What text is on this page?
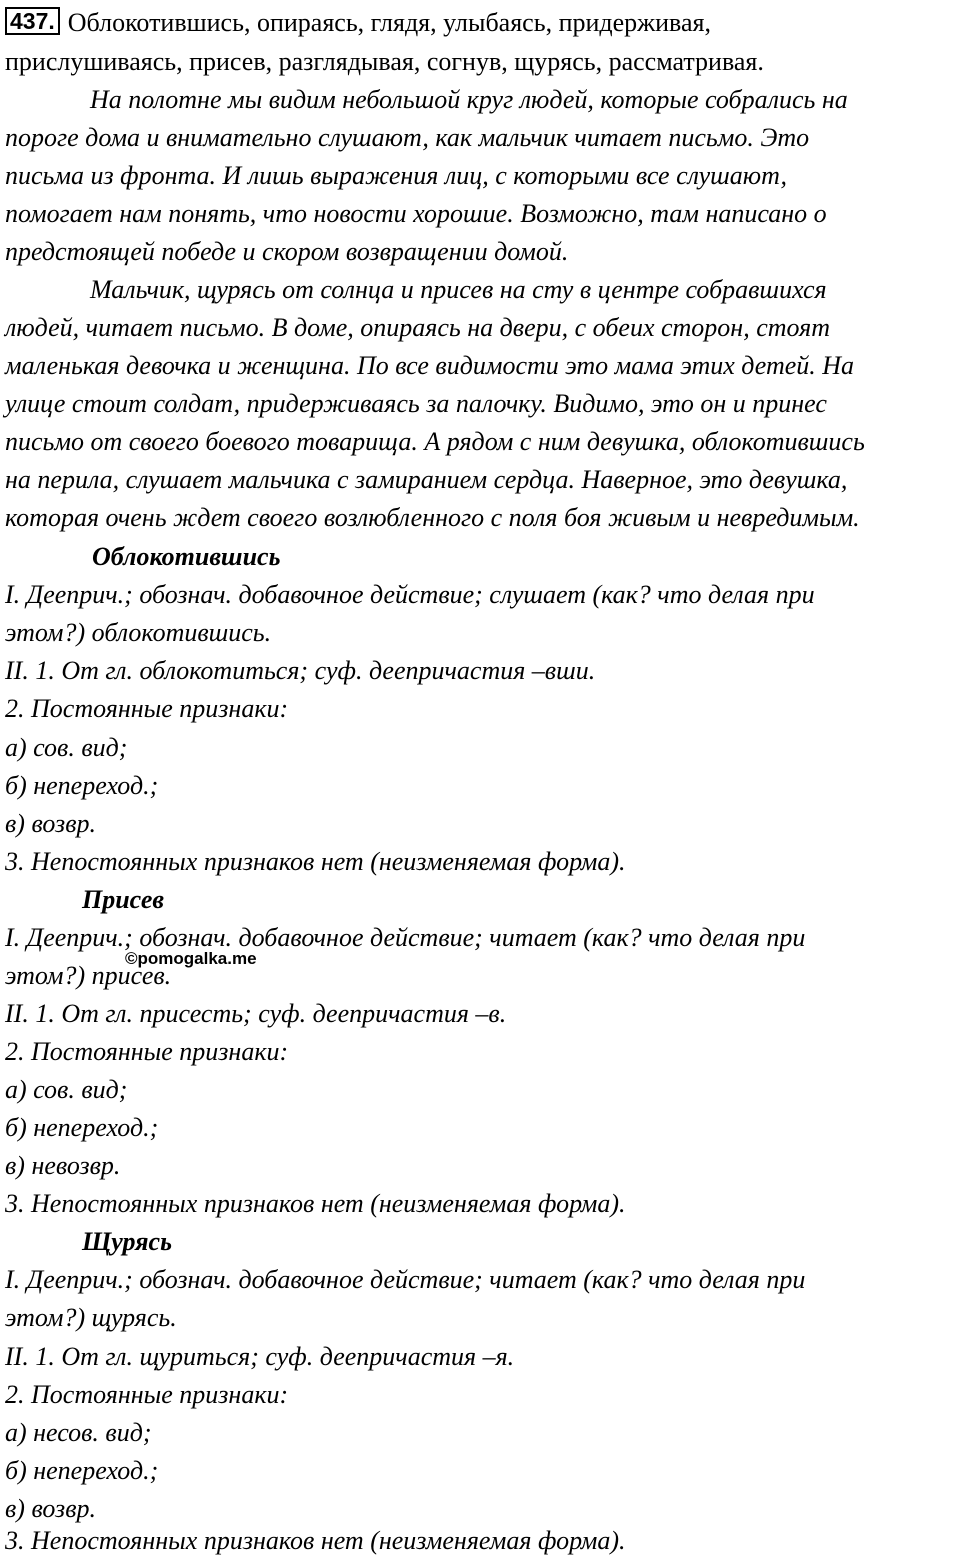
437. Облокотившись, опираясь, глядя, улыбаясь, придерживая,
прислушиваясь, присев, разглядывая, согнув, щурясь, рассматривая.
На полотне мы видим небольшой круг людей, которые собрались на
пороге дома и внимательно слушают, как мальчик читает письмо. Это
письма из фронта. И лишь выражения лиц, с которыми все слушают,
помогает нам понять, что новости хорошие. Возможно, там написано о
предстоящей победе и скором возвращении домой.
Мальчик, щурясь от солнца и присев на сту в центре собравшихся
людей, читает письмо. В доме, опираясь на двери, с обеих сторон, стоят
маленькая девочка и женщина. По все видимости это мама этих детей. На
улице стоит солдат, придерживаясь за палочку. Видимо, это он и принес
письмо от своего боевого товарища. А рядом с ним девушка, облокотившись
на перила, слушает мальчика с замиранием сердца. Наверное, это девушка,
которая очень ждет своего возлюбленного с поля боя живым и невредимым.
Облокотившись
I. Дееприч.; обознач. добавочное действие; слушает (как? что делая при
этом?) облокотившись.
II. 1. От гл. облокотиться; суф. деепричастия –вши.
2. Постоянные признаки:
а) сов. вид;
б) непереход.;
в) возвр.
3. Непостоянных признаков нет (неизменяемая форма).
Присев
I. Дееприч.; обознач. добавочное действие; читает (как? что делая при
этом?) присев.
II. 1. От гл. присесть; суф. деепричастия –в.
2. Постоянные признаки:
а) сов. вид;
б) непереход.;
в) невозвр.
3. Непостоянных признаков нет (неизменяемая форма).
Щурясь
I. Дееприч.; обознач. добавочное действие; читает (как? что делая при
этом?) щурясь.
II. 1. От гл. щуриться; суф. деепричастия –я.
2. Постоянные признаки:
а) несов. вид;
б) непереход.;
в) возвр.
3. Непостоянных признаков нет (неизменяемая форма).
©pomogalka.me
